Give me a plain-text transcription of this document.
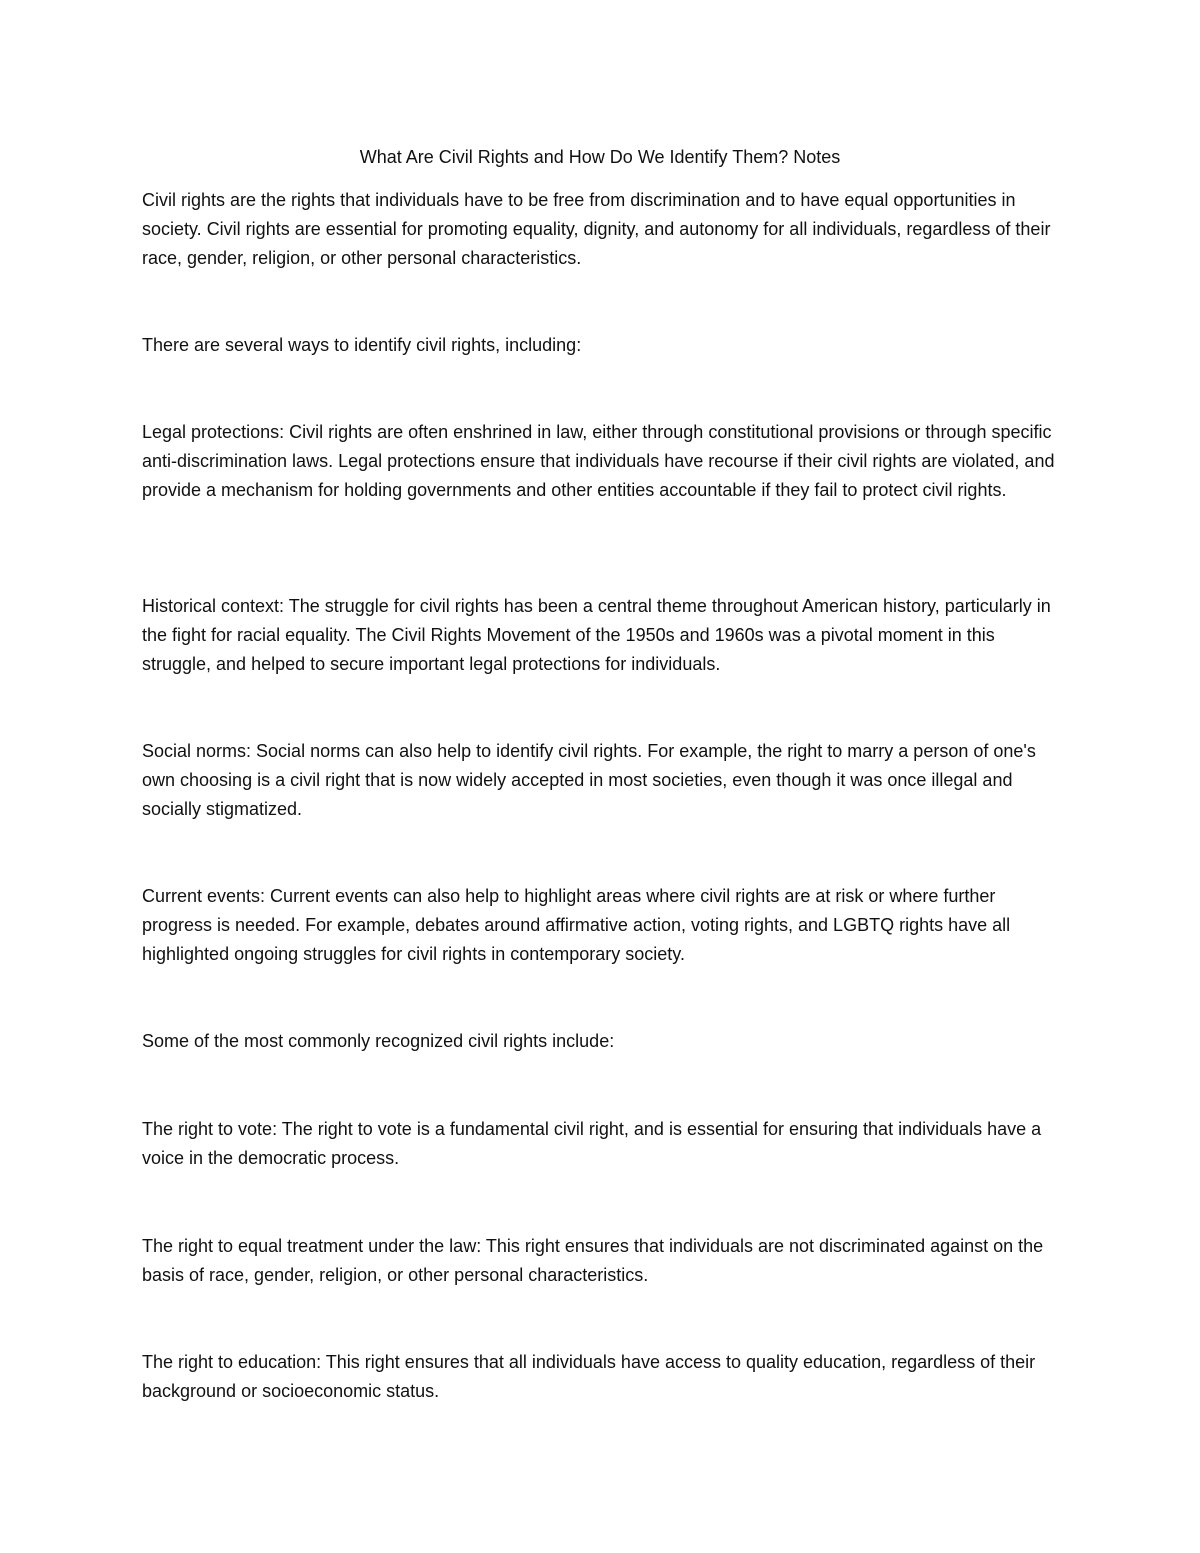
What Are Civil Rights and How Do We Identify Them? Notes

Civil rights are the rights that individuals have to be free from discrimination and to have equal opportunities in society. Civil rights are essential for promoting equality, dignity, and autonomy for all individuals, regardless of their race, gender, religion, or other personal characteristics.

There are several ways to identify civil rights, including:

Legal protections: Civil rights are often enshrined in law, either through constitutional provisions or through specific anti-discrimination laws. Legal protections ensure that individuals have recourse if their civil rights are violated, and provide a mechanism for holding governments and other entities accountable if they fail to protect civil rights.

Historical context: The struggle for civil rights has been a central theme throughout American history, particularly in the fight for racial equality. The Civil Rights Movement of the 1950s and 1960s was a pivotal moment in this struggle, and helped to secure important legal protections for individuals.

Social norms: Social norms can also help to identify civil rights. For example, the right to marry a person of one's own choosing is a civil right that is now widely accepted in most societies, even though it was once illegal and socially stigmatized.

Current events: Current events can also help to highlight areas where civil rights are at risk or where further progress is needed. For example, debates around affirmative action, voting rights, and LGBTQ rights have all highlighted ongoing struggles for civil rights in contemporary society.

Some of the most commonly recognized civil rights include:

The right to vote: The right to vote is a fundamental civil right, and is essential for ensuring that individuals have a voice in the democratic process.

The right to equal treatment under the law: This right ensures that individuals are not discriminated against on the basis of race, gender, religion, or other personal characteristics.

The right to education: This right ensures that all individuals have access to quality education, regardless of their background or socioeconomic status.
